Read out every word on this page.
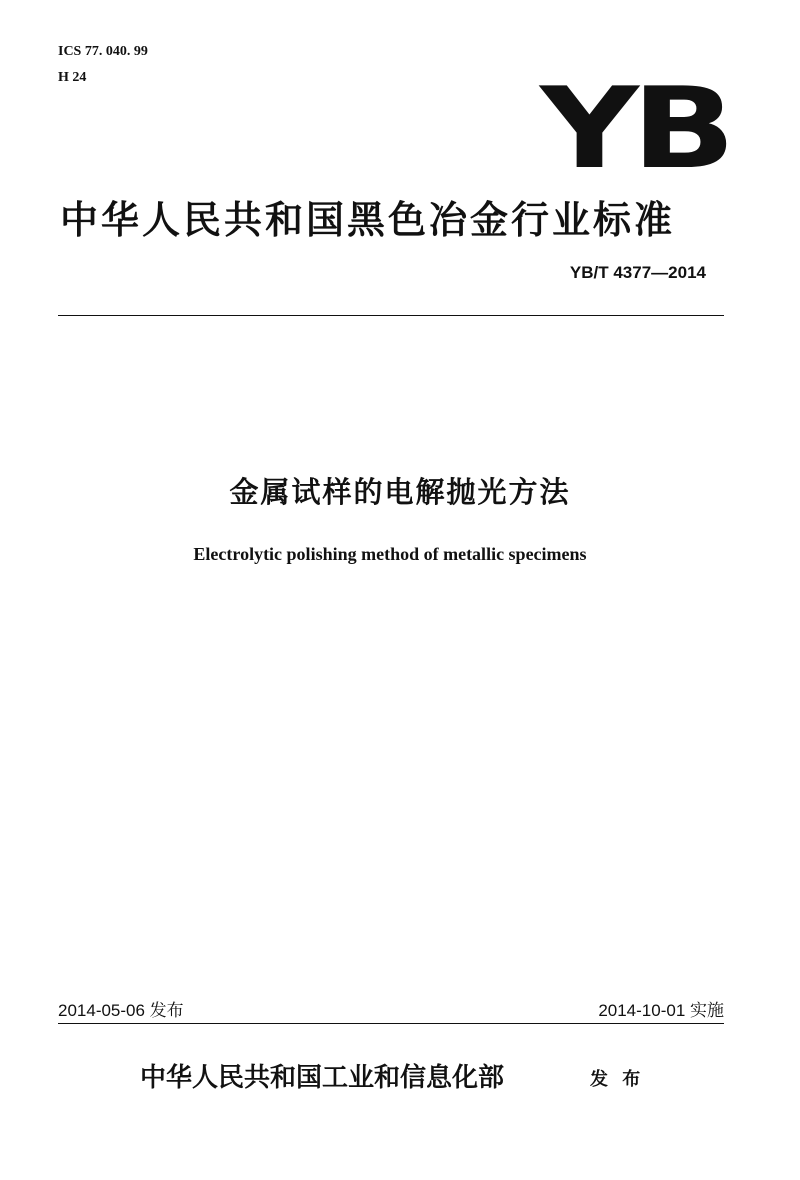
ICS 77. 040. 99
H 24	YB
中华人民共和国黑色冶金行业标准
YB/T 4377—2014
金属试样的电解抛光方法
Electrolytic polishing method of metallic specimens
2014-05-06 发布	2014-10-01 实施
中华人民共和国工业和信息化部	发 布
